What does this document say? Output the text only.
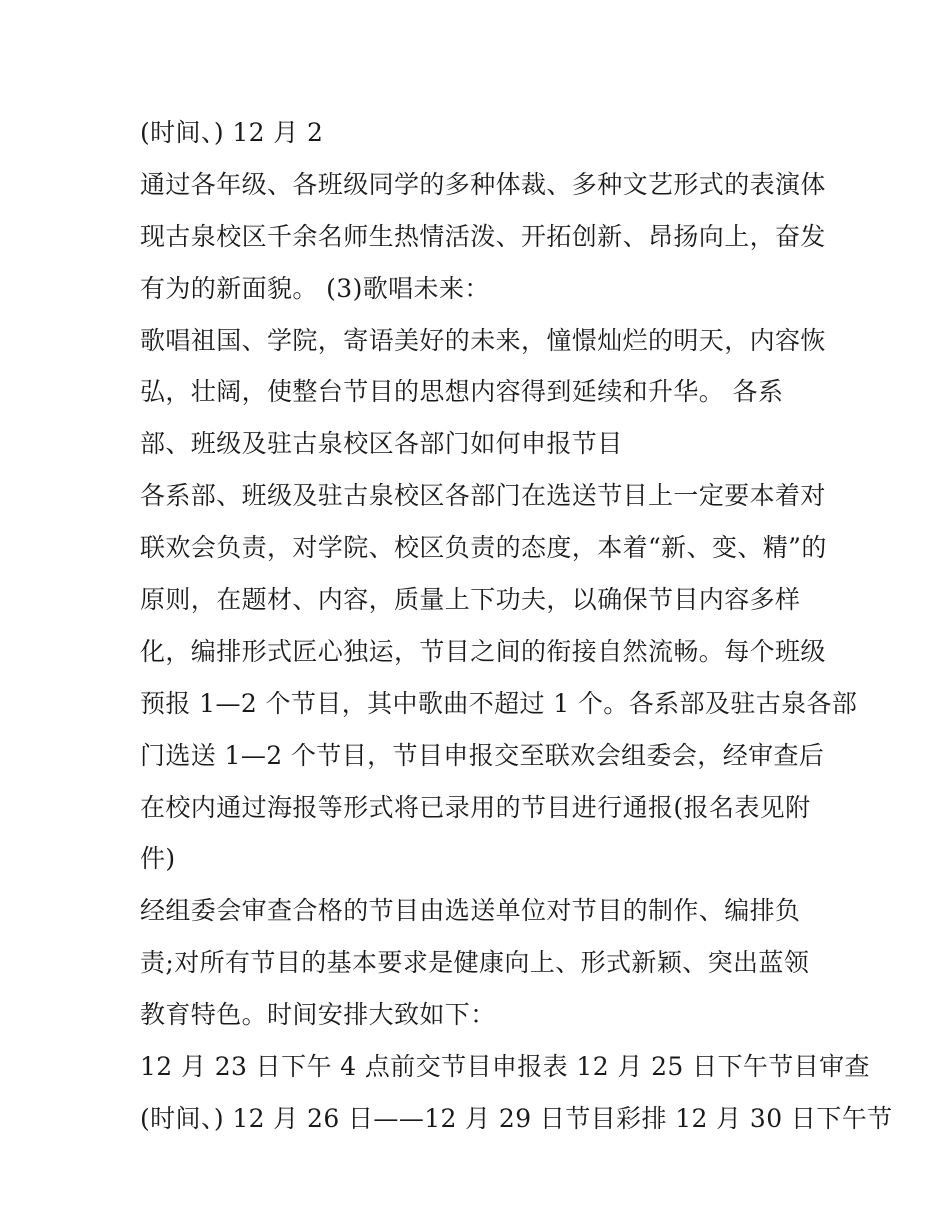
(时间、) 12 月 2
通过各年级、各班级同学的多种体裁、多种文艺形式的表演体
现古泉校区千余名师生热情活泼、开拓创新、昂扬向上，奋发
有为的新面貌。 (3)歌唱未来：
歌唱祖国、学院，寄语美好的未来，憧憬灿烂的明天，内容恢
弘，壮阔，使整台节目的思想内容得到延续和升华。 各系
部、班级及驻古泉校区各部门如何申报节目
各系部、班级及驻古泉校区各部门在选送节目上一定要本着对
联欢会负责，对学院、校区负责的态度，本着“新、变、精”的
原则，在题材、内容，质量上下功夫，以确保节目内容多样
化，编排形式匠心独运，节目之间的衔接自然流畅。每个班级
预报 1—2 个节目，其中歌曲不超过 1 个。各系部及驻古泉各部
门选送 1—2 个节目，节目申报交至联欢会组委会，经审查后
在校内通过海报等形式将已录用的节目进行通报(报名表见附
件)
经组委会审查合格的节目由选送单位对节目的制作、编排负
责;对所有节目的基本要求是健康向上、形式新颖、突出蓝领
教育特色。时间安排大致如下：
12 月 23 日下午 4 点前交节目申报表 12 月 25 日下午节目审查
(时间、) 12 月 26 日——12 月 29 日节目彩排 12 月 30 日下午节
